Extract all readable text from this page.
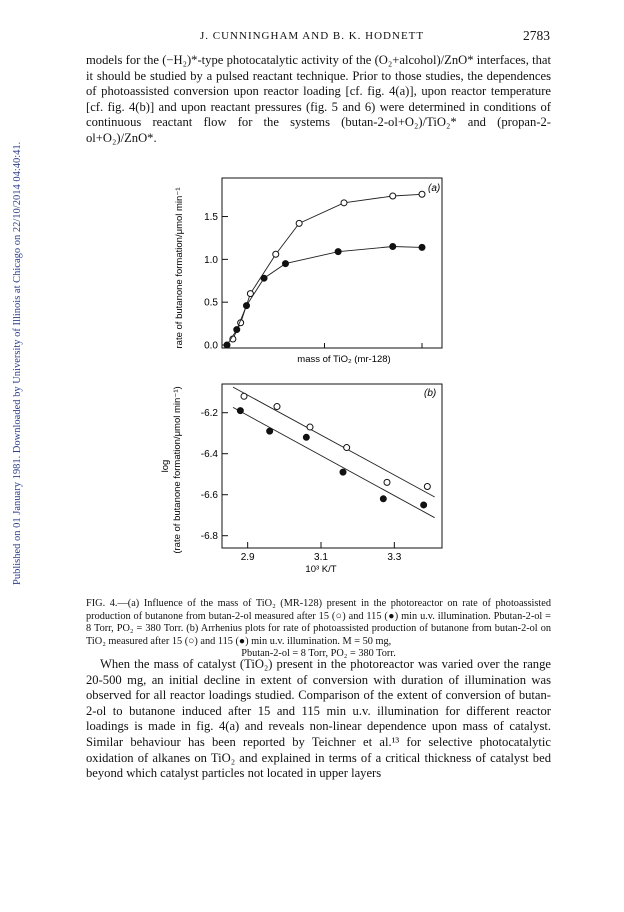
Published on 01 January 1981. Downloaded by University of Illinois at Chicago on 22/10/2014 04:40:41.
J. CUNNINGHAM AND B. K. HODNETT	2783

models for the (−H₂)*-type photocatalytic activity of the (O₂+alcohol)/ZnO* interfaces, that it should be studied by a pulsed reactant technique. Prior to those studies, the dependences of photoassisted conversion upon reactor loading [cf. fig. 4(a)], upon reactor temperature [cf. fig. 4(b)] and upon reactant pressures (fig. 5 and 6) were determined in conditions of continuous reactant flow for the systems (butan-2-ol+O₂)/TiO₂* and (propan-2-ol+O₂)/ZnO*.

0.0
0.5
1.0
1.5
(a)
mass of TiO₂ (mr-128)
rate of butanone formation/μmol min⁻¹
-6.2
-6.4
-6.6
-6.8
2.9	3.1	3.3
(b)
10³ K/T
log (rate of butanone formation/μmol min⁻¹)
FIG. 4.—(a) Influence of the mass of TiO₂ (MR-128) present in the photoreactor on rate of photoassisted production of butanone from butan-2-ol measured after 15 (○) and 115 (●) min u.v. illumination. Pbutan-2-ol = 8 Torr, PO₂ = 380 Torr. (b) Arrhenius plots for rate of photoassisted production of butanone from butan-2-ol on TiO₂ measured after 15 (○) and 115 (●) min u.v. illumination. M = 50 mg,
Pbutan-2-ol = 8 Torr, PO₂ = 380 Torr.

When the mass of catalyst (TiO₂) present in the photoreactor was varied over the range 20-500 mg, an initial decline in extent of conversion with duration of illumination was observed for all reactor loadings studied. Comparison of the extent of conversion of butan-2-ol to butanone induced after 15 and 115 min u.v. illumination for different reactor loadings is made in fig. 4(a) and reveals non-linear dependence upon mass of catalyst. Similar behaviour has been reported by Teichner et al.¹³ for selective photocatalytic oxidation of alkanes on TiO₂ and explained in terms of a critical thickness of catalyst bed beyond which catalyst particles not located in upper layers
